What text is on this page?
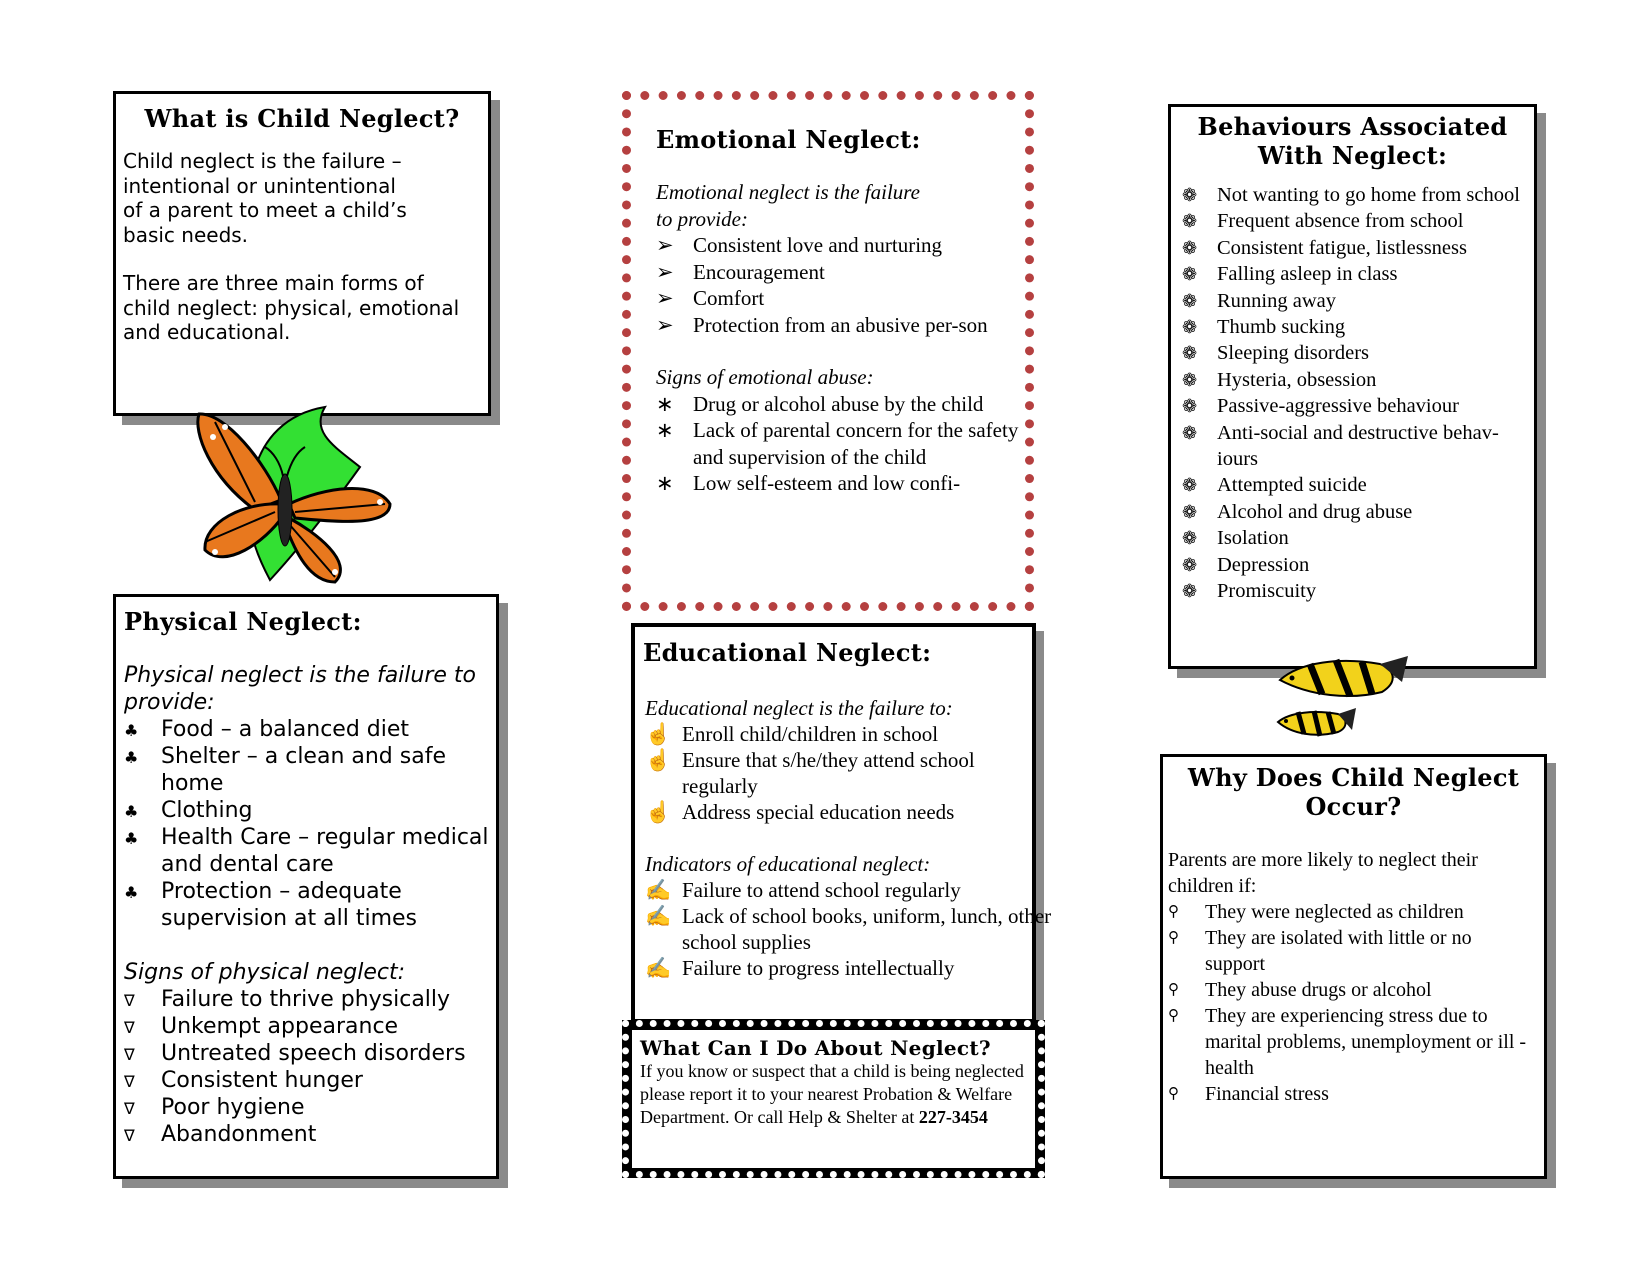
What is Child Neglect?

Child neglect is the failure – intentional or unintentional of a parent to meet a child’s basic needs.

There are three main forms of child neglect: physical, emotional and educational.

Physical Neglect:

Physical neglect is the failure to provide:

♣ Food – a balanced diet
♣ Shelter – a clean and safe home
♣ Clothing
♣ Health Care – regular medical and dental care
♣ Protection – adequate supervision at all times

Signs of physical neglect:

∇ Failure to thrive physically
∇ Unkempt appearance
∇ Untreated speech disorders
∇ Consistent hunger
∇ Poor hygiene
∇ Abandonment
Emotional Neglect:

Emotional neglect is the failure to provide:

➢ Consistent love and nurturing
➢ Encouragement
➢ Comfort
➢ Protection from an abusive per-son

Signs of emotional abuse:

∗ Drug or alcohol abuse by the child
∗ Lack of parental concern for the safety and supervision of the child
∗ Low self-esteem and low confi-
Educational Neglect:

Educational neglect is the failure to:

☝ Enroll child/children in school
☝ Ensure that s/he/they attend school regularly
☝ Address special education needs

Indicators of educational neglect:

✍ Failure to attend school regularly
✍ Lack of school books, uniform, lunch, other school supplies
✍ Failure to progress intellectually
What Can I Do About Neglect?

If you know or suspect that a child is being neglected please report it to your nearest Probation & Welfare Department. Or call Help & Shelter at 227-3454

Behaviours Associated With Neglect:
❁ Not wanting to go home from school
❁ Frequent absence from school
❁ Consistent fatigue, listlessness
❁ Falling asleep in class
❁ Running away
❁ Thumb sucking
❁ Sleeping disorders
❁ Hysteria, obsession
❁ Passive-aggressive behaviour
❁ Anti-social and destructive behav-iours
❁ Attempted suicide
❁ Alcohol and drug abuse
❁ Isolation
❁ Depression
❁ Promiscuity
Why Does Child Neglect Occur?

Parents are more likely to neglect their children if:

⚲ They were neglected as children
⚲ They are isolated with little or no support
⚲ They abuse drugs or alcohol
⚲ They are experiencing stress due to marital problems, unemployment or ill -health
⚲ Financial stress
